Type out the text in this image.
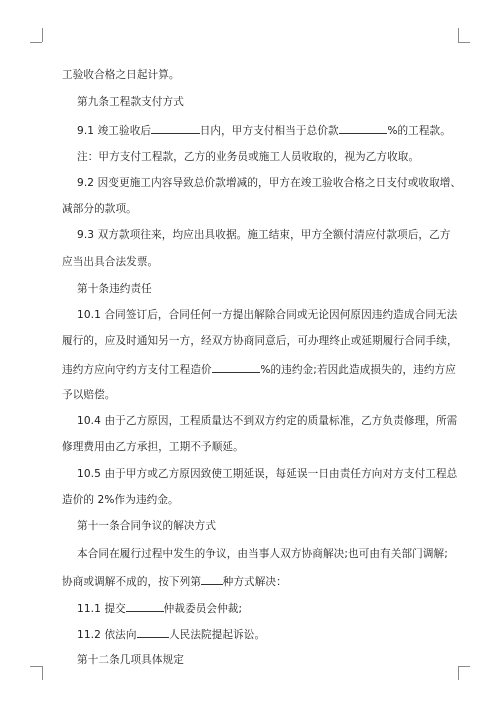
工验收合格之日起计算。
第九条工程款支付方式
9.1 竣工验收后	日内，甲方支付相当于总价款	%的工程款。
注：甲方支付工程款，乙方的业务员或施工人员收取的，视为乙方收取。
9.2 因变更施工内容导致总价款增减的，甲方在竣工验收合格之日支付或收取增、
减部分的款项。
9.3 双方款项往来，均应出具收据。施工结束，甲方全额付清应付款项后，乙方
应当出具合法发票。
第十条违约责任
10.1 合同签订后，合同任何一方提出解除合同或无论因何原因违约造成合同无法
履行的，应及时通知另一方，经双方协商同意后，可办理终止或延期履行合同手续，
违约方应向守约方支付工程造价	%的违约金;若因此造成损失的，违约方应
予以赔偿。
10.4 由于乙方原因，工程质量达不到双方约定的质量标准，乙方负责修理，所需
修理费用由乙方承担，工期不予顺延。
10.5 由于甲方或乙方原因致使工期延误，每延误一日由责任方向对方支付工程总
造价的 2%作为违约金。
第十一条合同争议的解决方式
本合同在履行过程中发生的争议，由当事人双方协商解决;也可由有关部门调解;
协商或调解不成的，按下列第 种方式解决：
11.1 提交	仲裁委员会仲裁;
11.2 依法向	人民法院提起诉讼。
第十二条几项具体规定
